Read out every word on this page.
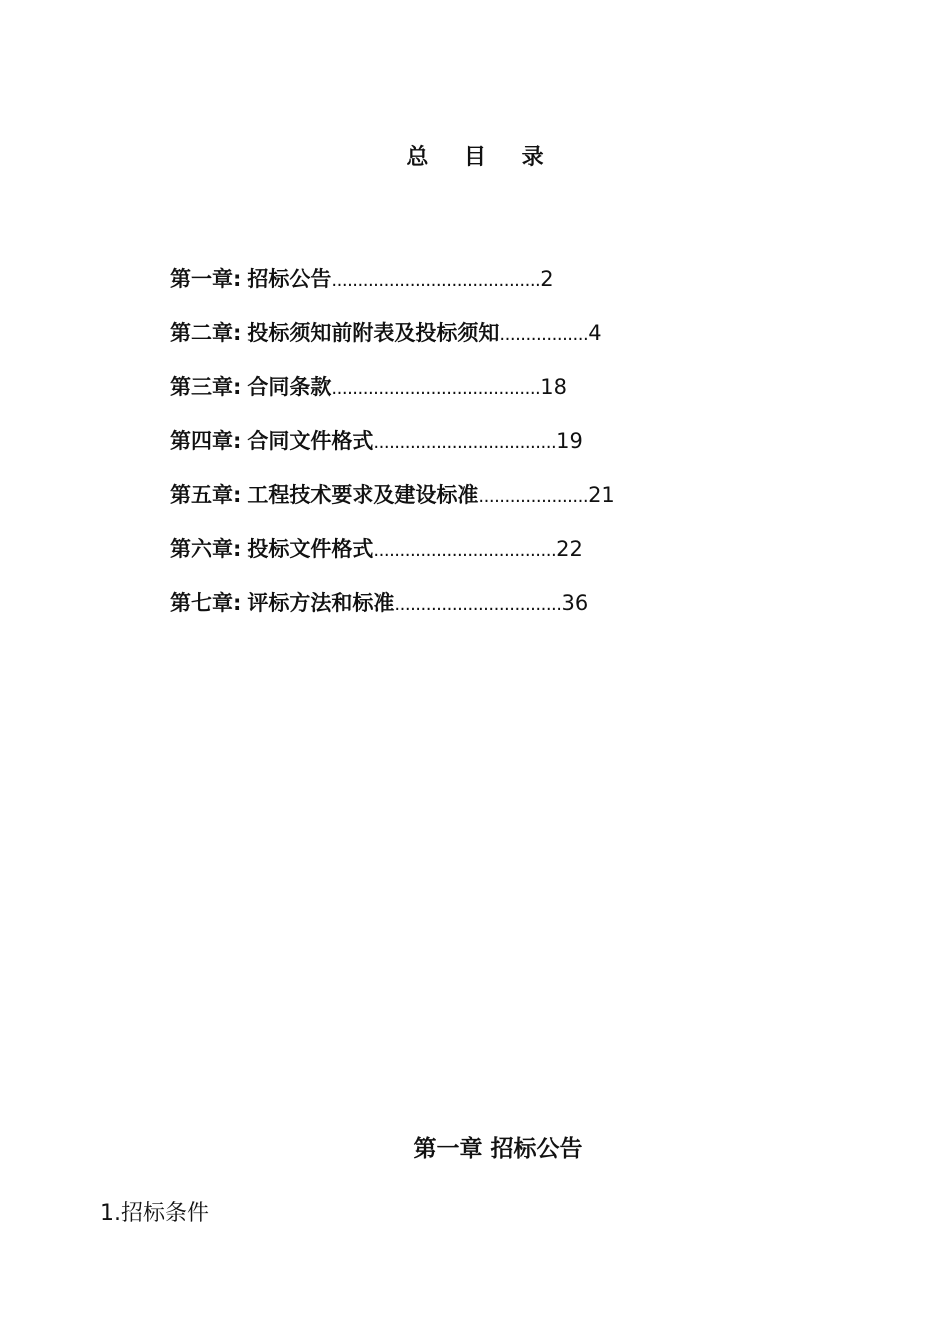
总 目 录
第一章 : 招标公告 ........................................ 2
第二章 : 投标须知前附表及投标须知 ................. 4
第三章 : 合同条款 ........................................ 18
第四章 : 合同文件格式 ................................... 19
第五章 : 工程技术要求及建设标准 ..................... 21
第六章 : 投标文件格式 ................................... 22
第七章 : 评标方法和标准 ................................ 36
第一章 招标公告
1.招标条件
